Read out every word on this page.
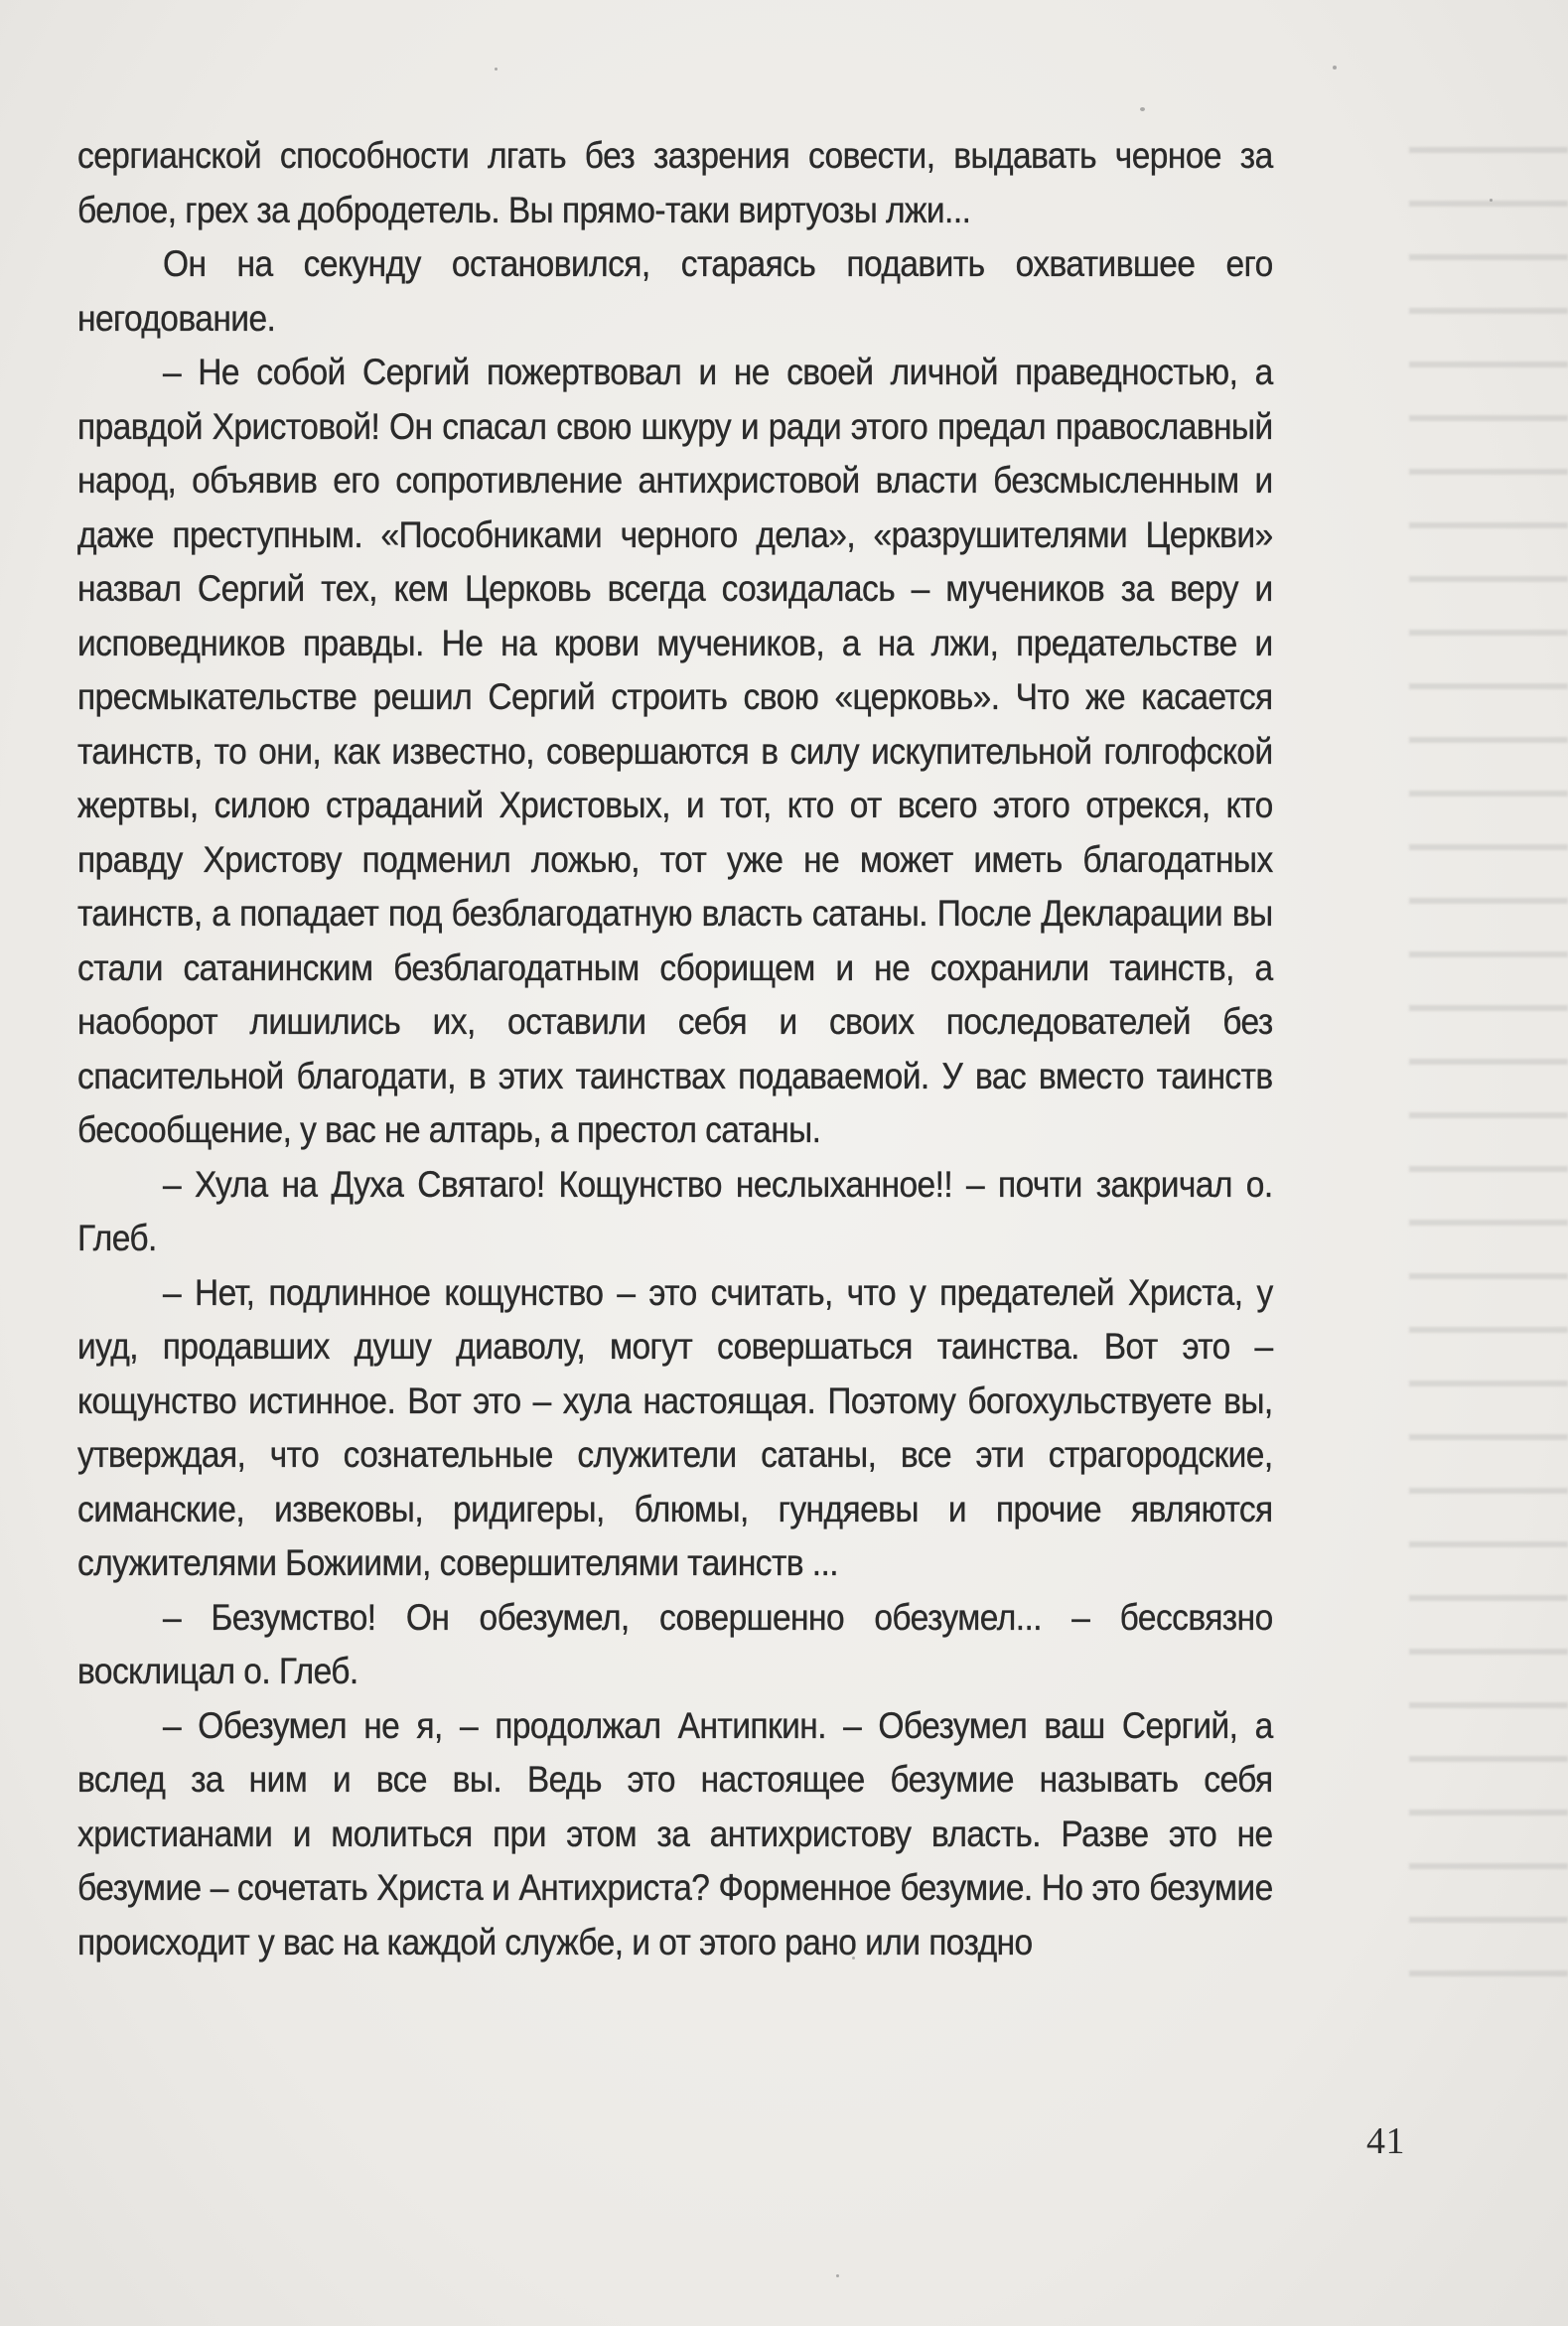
сергианской способности лгать без зазрения совести, выдавать черное за белое, грех за добродетель. Вы прямо-таки виртуозы лжи...

Он на секунду остановился, стараясь подавить охватившее его негодование.

– Не собой Сергий пожертвовал и не своей личной праведностью, а правдой Христовой! Он спасал свою шкуру и ради этого предал православный народ, объявив его сопротивление антихристовой власти безсмысленным и даже преступным. «Пособниками черного дела», «разрушителями Церкви» назвал Сергий тех, кем Церковь всегда созидалась – мучеников за веру и исповедников правды. Не на крови мучеников, а на лжи, предательстве и пресмыкательстве решил Сергий строить свою «церковь». Что же касается таинств, то они, как известно, совершаются в силу искупительной голгофской жертвы, силою страданий Христовых, и тот, кто от всего этого отрекся, кто правду Христову подменил ложью, тот уже не может иметь благодатных таинств, а попадает под безблагодатную власть сатаны. После Декларации вы стали сатанинским безблагодатным сборищем и не сохранили таинств, а наоборот лишились их, оставили себя и своих последователей без спасительной благодати, в этих таинствах подаваемой. У вас вместо таинств бесообщение, у вас не алтарь, а престол сатаны.

– Хула на Духа Святаго! Кощунство неслыханное!! – почти закричал о. Глеб.

– Нет, подлинное кощунство – это считать, что у предателей Христа, у иуд, продавших душу диаволу, могут совершаться таинства. Вот это – кощунство истинное. Вот это – хула настоящая. Поэтому богохульствуете вы, утверждая, что сознательные служители сатаны, все эти страгородские, симанские, извековы, ридигеры, блюмы, гундяевы и прочие являются служителями Божиими, совершителями таинств ...

– Безумство! Он обезумел, совершенно обезумел... – бессвязно восклицал о. Глеб.

– Обезумел не я, – продолжал Антипкин. – Обезумел ваш Сергий, а вслед за ним и все вы. Ведь это настоящее безумие называть себя христианами и молиться при этом за антихристову власть. Разве это не безумие – сочетать Христа и Антихриста? Форменное безумие. Но это безумие происходит у вас на каждой службе, и от этого рано или поздно

41
